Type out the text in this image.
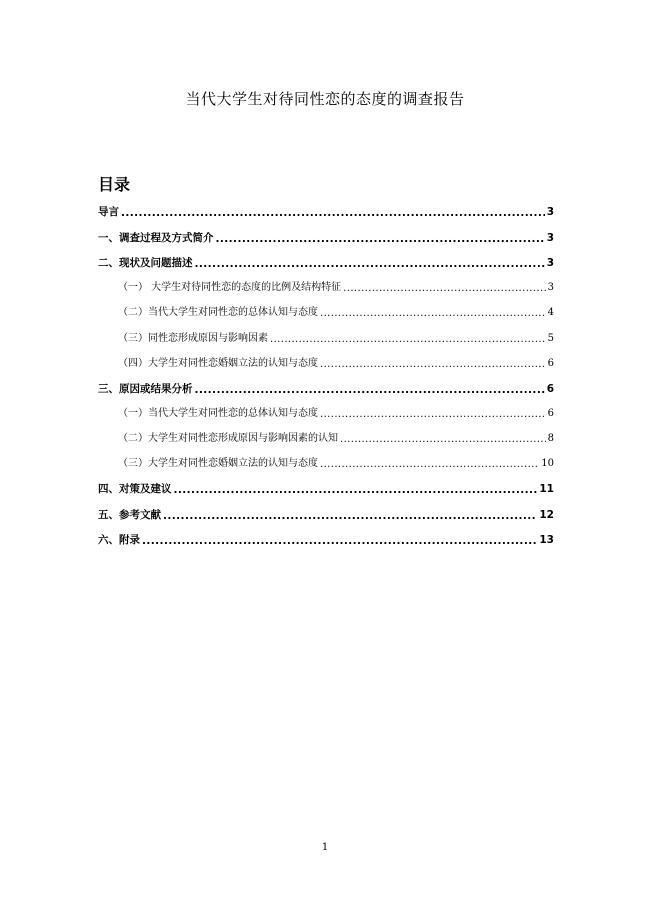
当代大学生对待同性恋的态度的调查报告
目录
导言 .....	3
一、调查过程及方式简介 .....	3
二、现状及问题描述 .....	3
（一） 大学生对待同性恋的态度的比例及结构特征 .....	3
（二）当代大学生对同性恋的总体认知与态度 .....	4
（三）同性恋形成原因与影响因素 .....	5
（四）大学生对同性恋婚姻立法的认知与态度 .....	6
三、原因或结果分析 .....	6
（一）当代大学生对同性恋的总体认知与态度 .....	6
（二）大学生对同性恋形成原因与影响因素的认知 .....	8
（三）大学生对同性恋婚姻立法的认知与态度 .....	10
四、对策及建议 .....	11
五、参考文献 .....	12
六、附录 .....	13
1
